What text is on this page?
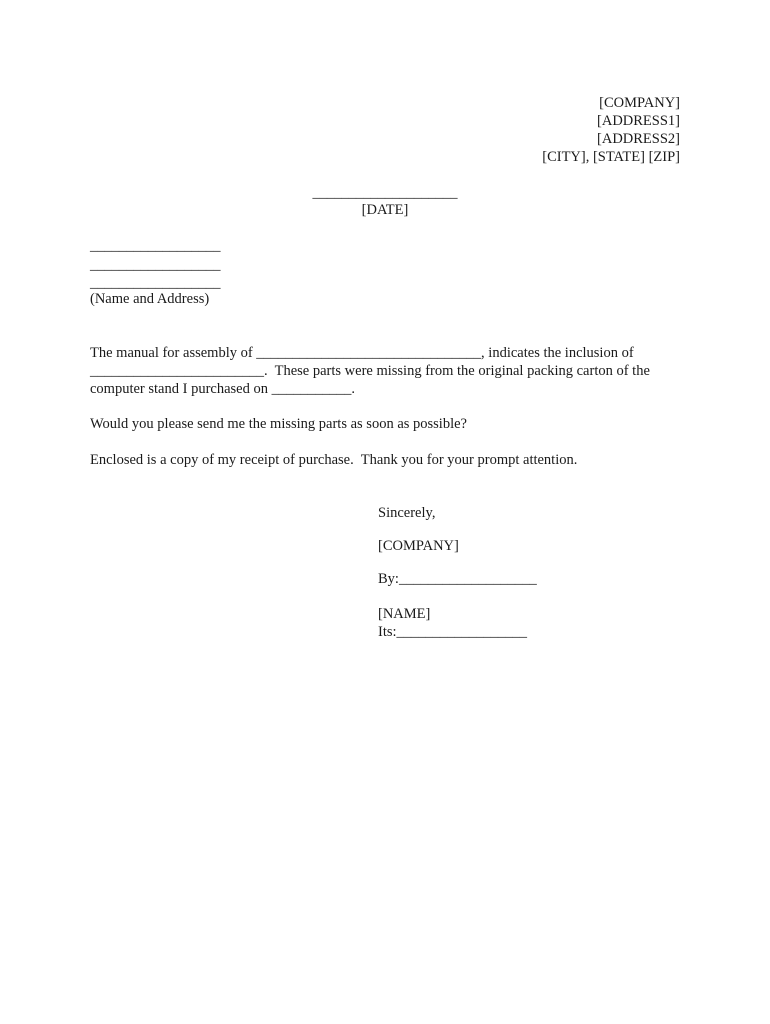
[COMPANY]
[ADDRESS1]
[ADDRESS2]
[CITY], [STATE] [ZIP]
____________________
[DATE]
__________________
__________________
__________________
(Name and Address)
The manual for assembly of _______________________________, indicates the inclusion of
________________________.  These parts were missing from the original packing carton of the
computer stand I purchased on ___________.
Would you please send me the missing parts as soon as possible?
Enclosed is a copy of my receipt of purchase.  Thank you for your prompt attention.
Sincerely,
[COMPANY]
By:___________________
[NAME]
Its:__________________
